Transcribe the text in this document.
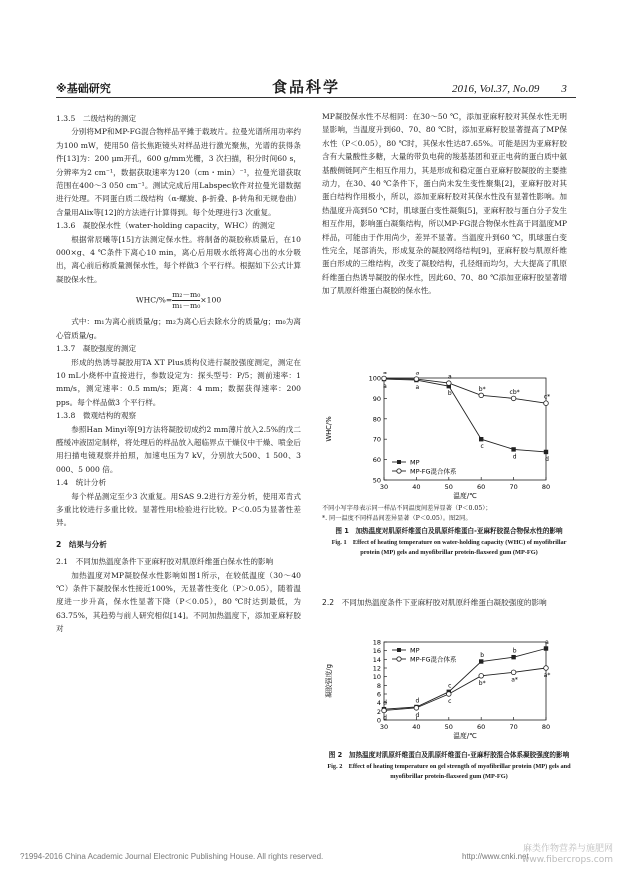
※基础研究	食品科学	2016, Vol.37, No.09　　3

1.3.5　二级结构的测定

分别将MP和MP-FG混合物样品平摊于载玻片。拉曼光谱所用功率约为100 mW，使用50 倍长焦距镜头对样品进行激光聚焦，光谱的获得条件[13]为：200 μm开孔，600 g/mm光栅，3 次扫描，积分时间60 s，分辨率为2 cm⁻¹，数据获取速率为120（cm・min）⁻¹，拉曼光谱获取范围在400～3 050 cm⁻¹。测试完成后用Labspec软件对拉曼光谱数据进行处理。不同蛋白质二级结构（α-螺旋、β-折叠、β-转角和无规卷曲）含量用Alix等[12]的方法进行计算得到。每个处理进行3 次重复。

1.3.6　凝胶保水性（water-holding capacity，WHC）的测定

根据常辰曦等[15]方法测定保水性。将制备的凝胶称质量后，在10 000×g、4 ℃条件下离心10 min，离心后用吸水纸将离心出的水分吸出，离心前后称质量测保水性，每个样做3 个平行样。根据如下公式计算凝胶保水性。

$WHC/\%= \frac{\text{m₂－m₀}}{\text{m₁－m₀}} \times 100$

式中：m₁为离心前质量/g；m₂为离心后去除水分的质量/g；m₀为离心管质量/g。

1.3.7　凝胶强度的测定

形成的热诱导凝胶用TA XT Plus质构仪进行凝胶强度测定，测定在10 mL小烧杯中直接进行，参数设定为：探头型号：P/5；测前速率：1 mm/s，测定速率：0.5 mm/s；距离：4 mm；数据获得速率：200 pps。每个样品做3 个平行样。

1.3.8　微观结构的观察

参照Han Minyi等[9]方法将凝胶切成约2 mm薄片放入2.5%的戊二醛缓冲液固定制样，将处理后的样品放入超临界点干燥仪中干燥、喷金后用扫描电镜观察并拍照，加速电压为7 kV，分别放大500、1 500、3 000、5 000 倍。

1.4　统计分析

每个样品测定至少3 次重复。用SAS 9.2进行方差分析，使用邓肯式多重比较进行多重比较。显著性用t检验进行比较。P＜0.05为显著性差异。

2　结果与分析

2.1　不同加热温度条件下亚麻籽胶对肌原纤维蛋白保水性的影响

加热温度对MP凝胶保水性影响如图1所示，在较低温度（30～40 ℃）条件下凝胶保水性接近100%，无显著性变化（P＞0.05），随着温度进一步升高，保水性显著下降（P＜0.05），80 ℃时达到最低，为63.75%，其趋势与前人研究相似[14]。不同加热温度下，添加亚麻籽胶对

MP凝胶保水性不尽相同：在30～50 ℃，添加亚麻籽胶对其保水性无明显影响，当温度升到60、70、80 ℃时，添加亚麻籽胶显著提高了MP保水性（P＜0.05），80 ℃时，其保水性达87.65%。可能是因为亚麻籽胶含有大量酸性多糖，大量的带负电荷的羧基基团和亚正电荷的蛋白质中氨基酸侧链阿产生相互作用力，其是形成和稳定蛋白亚麻籽胶凝胶的主要推动力，在30、40 ℃条件下，蛋白尚未发生变性聚集[2]，亚麻籽胶对其蛋白结构作用极小，所以，添加亚麻籽胶对其保水性没有显著性影响。加热温度升高到50 ℃时，肌球蛋白变性凝集[5]，亚麻籽胶与蛋白分子发生相互作用，影响蛋白凝集结构，所以MP-FG混合物保水性高于同温度MP样品，可能由于作用尚少，差异不显著。当温度升到60 ℃，肌球蛋白变性完全，尾部消失，形成复杂的凝胶网络结构[9]，亚麻籽胶与肌原纤维蛋白形成的三维结构，改变了凝胶结构，孔径细而均匀，大大提高了肌原纤维蛋白热诱导凝胶的保水性，因此60、70、80 ℃添加亚麻籽胶显著增加了肌原纤维蛋白凝胶的保水性。

50
60
70
80
90
100
30	40	50	60	70	80
温度/℃
WHC/%
a	a
b
c
d	d
a	a
a
b*	cb*
c*
MP
MP-FG混合体系
不同小写字母表示同一样品不同温度间差异显著（P＜0.05）；
*. 同一温度不同样品间差异显著（P＜0.05）。图2同。
图 1　 加热温度对肌原纤维蛋白及肌原纤维蛋白-亚麻籽胶混合物保水性的影响
Fig. 1　 Effect of heating temperature on water-holding capacity (WHC) of myofibrillar protein (MP) gels and myofibrillar protein-flaxseed gum (MP-FG)
2.2　不同加热温度条件下亚麻籽胶对肌原纤维蛋白凝胶强度的影响
0
2
4
6
8
10
12
14
16
18
30	40	50	60	70	80
温度/℃
凝胶强度/g
d	d
c
b
b
a
d	d
c
b*	a*
a*
MP
MP-FG混合体系
图 2　 加热温度对肌原纤维蛋白及肌原纤维蛋白-亚麻籽胶混合体系凝胶强度的影响
Fig. 2　 Effect of heating temperature on gel strength of myofibrillar protein (MP) gels and myofibrillar protein-flaxseed gum (MP-FG)
?1994-2016 China Academic Journal Electronic Publishing House. All rights reserved.	http://www.cnki.net
麻类作物营养与施肥网
www.fibercrops.com
